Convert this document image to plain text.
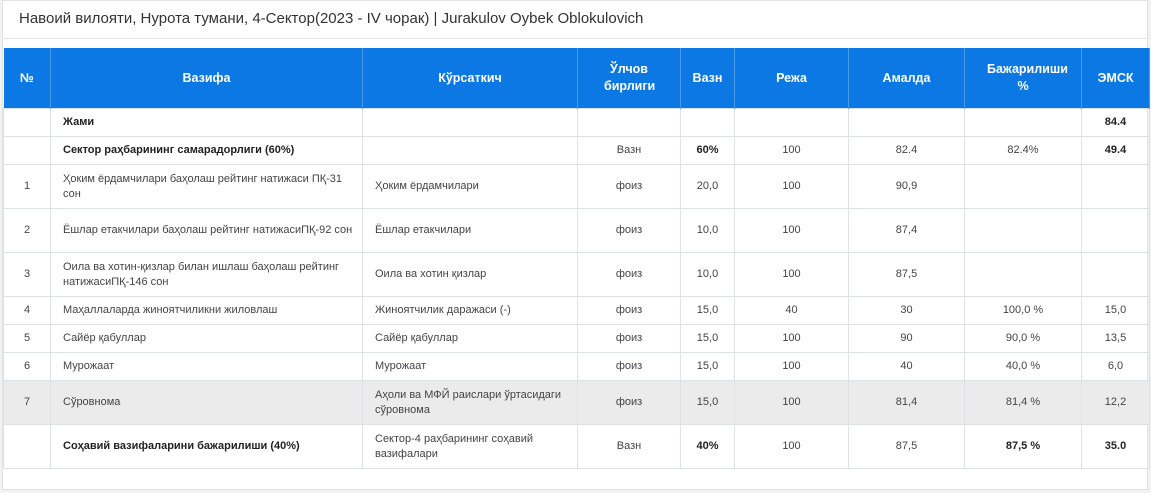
Навоий вилояти, Нурота тумани, 4-Сектор(2023 - IV чорак) | Jurakulov Oybek Oblokulovich
№	Вазифа	Кўрсаткич	Ўлчов бирлиги	Вазн	Режа	Амалда	Бажарилиши %	ЭМСК
	Жами							84.4
	Сектор раҳбарининг самарадорлиги (60%)		Вазн	60%	100	82.4	82.4%	49.4
1	Ҳоким ёрдамчилари баҳолаш рейтинг натижаси ПҚ-31 сон	Ҳоким ёрдамчилари	фоиз	20,0	100	90,9		
2	Ёшлар етакчилари баҳолаш рейтинг натижасиПҚ-92 сон	Ёшлар етакчилари	фоиз	10,0	100	87,4		
3	Оила ва хотин-қизлар билан ишлаш баҳолаш рейтинг натижасиПҚ-146 сон	Оила ва хотин қизлар	фоиз	10,0	100	87,5		
4	Маҳаллаларда жиноятчиликни жиловлаш	Жиноятчилик даражаси (-)	фоиз	15,0	40	30	100,0 %	15,0
5	Сайёр қабуллар	Сайёр қабуллар	фоиз	15,0	100	90	90,0 %	13,5
6	Мурожаат	Мурожаат	фоиз	15,0	100	40	40,0 %	6,0
7	Сўровнома	Аҳоли ва МФЙ раислари ўртасидаги сўровнома	фоиз	15,0	100	81,4	81,4 %	12,2
	Соҳавий вазифаларини бажарилиши (40%)	Сектор-4 раҳбарининг соҳавий вазифалари	Вазн	40%	100	87,5	87,5 %	35.0
